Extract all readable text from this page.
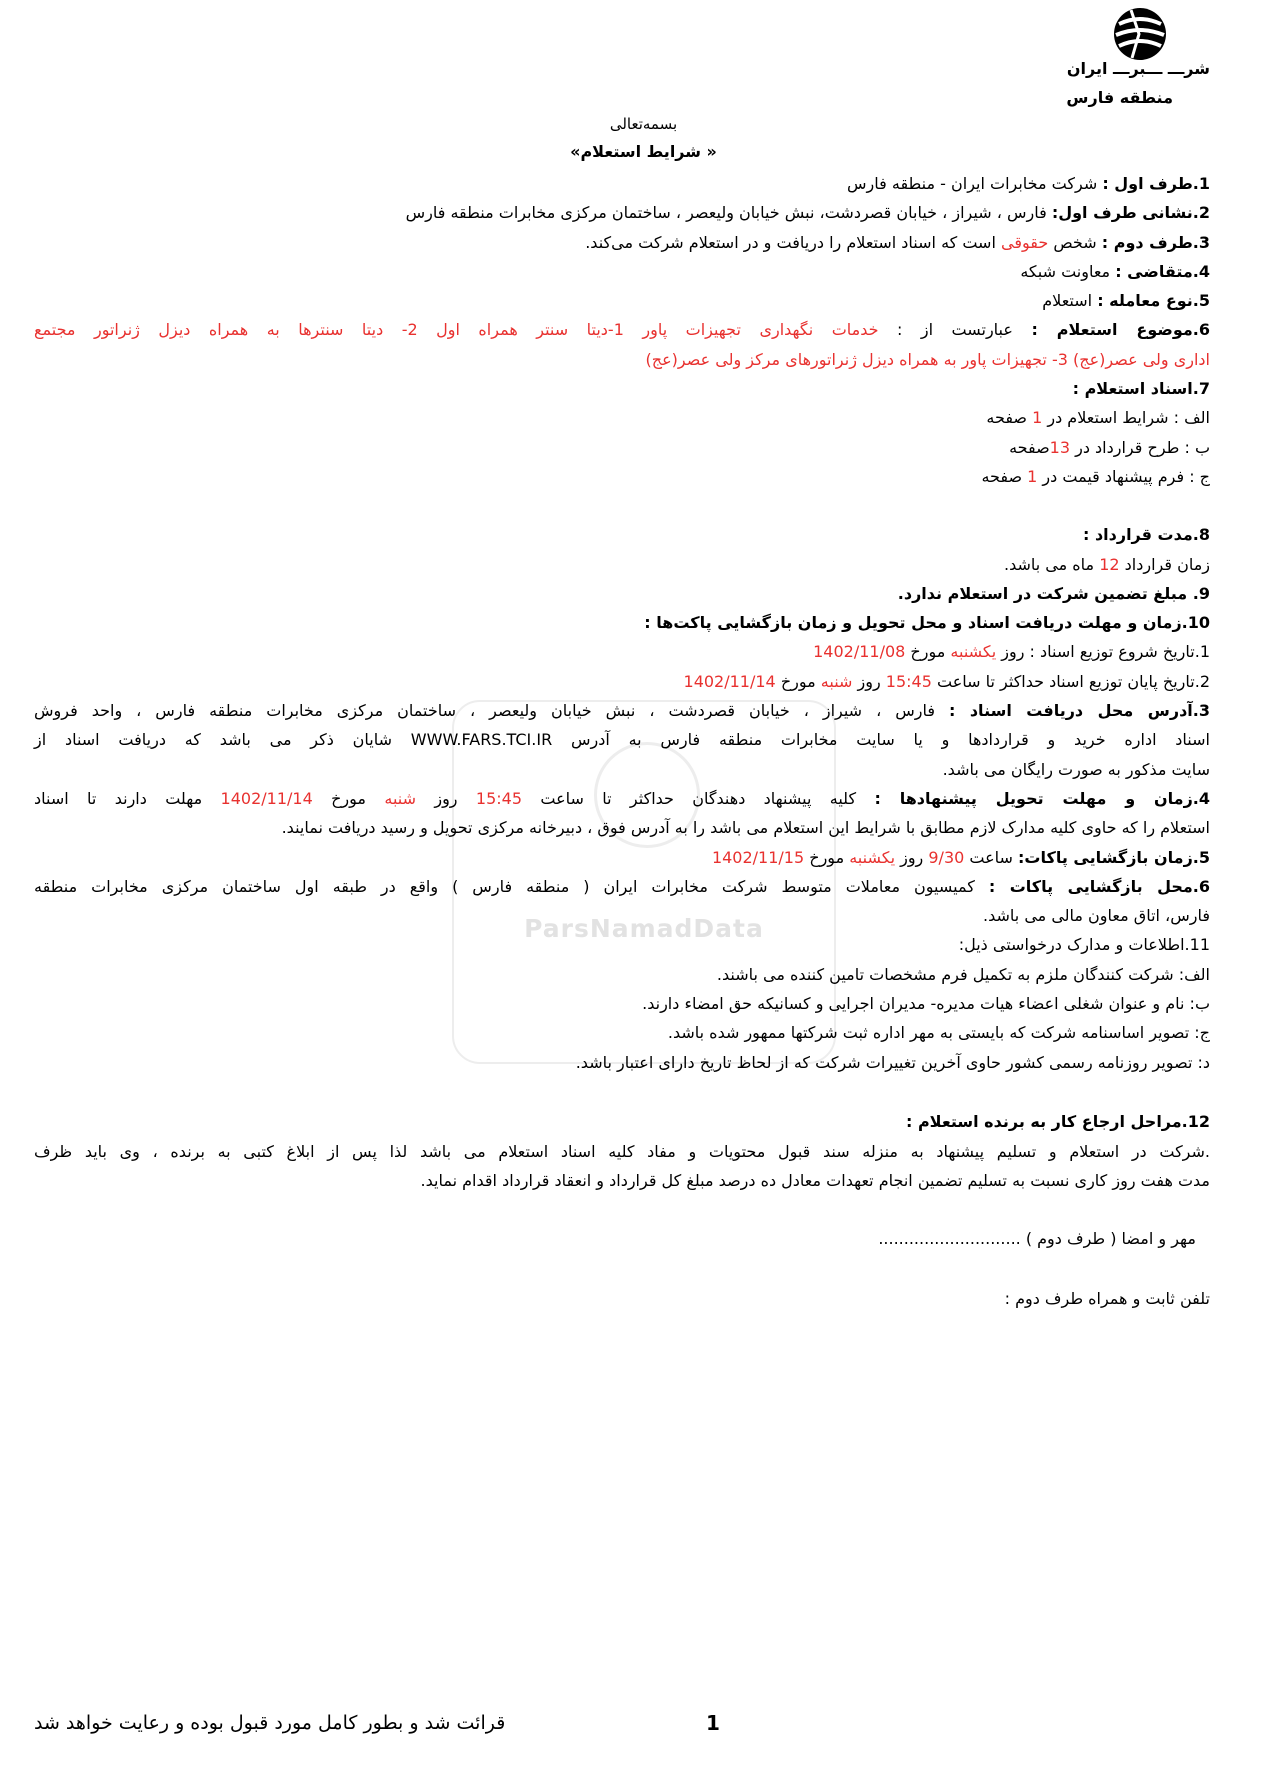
شرـــ ـــبرـــ ایران
منطقه فارس
بسمه‌تعالی
« شرایط استعلام»
ParsNamadData
1.طرف اول : شرکت مخابرات ایران - منطقه فارس
2.نشانی طرف اول: فارس ، شیراز ، خیابان قصردشت، نبش خیابان ولیعصر ، ساختمان مرکزی مخابرات منطقه فارس
3.طرف دوم : شخص حقوقی است که اسناد استعلام را دریافت و در استعلام شرکت می‌کند.
4.متقاضی : معاونت شبکه
5.نوع معامله : استعلام
6.موضوع استعلام : عبارتست از : خدمات نگهداری تجهیزات پاور 1-دیتا سنتر همراه اول 2- دیتا سنترها به همراه دیزل ژنراتور مجتمع
اداری ولی عصر(عج) 3- تجهیزات پاور به همراه دیزل ژنراتورهای مرکز ولی عصر(عج)
7.اسناد استعلام :
الف : شرایط استعلام در 1 صفحه
ب : طرح قرارداد در 13صفحه
ج : فرم پیشنهاد قیمت در 1 صفحه
8.مدت قرارداد :
زمان قرارداد 12 ماه می باشد.
9. مبلغ تضمین شرکت در استعلام ندارد.
10.زمان و مهلت دریافت اسناد و محل تحویل و زمان بازگشایی پاکت‌ها :
1.تاریخ شروع توزیع اسناد : روز یکشنبه مورخ 1402/11/08
2.تاریخ پایان توزیع اسناد حداکثر تا ساعت 15:45 روز شنبه مورخ 1402/11/14
3.آدرس محل دریافت اسناد : فارس ، شیراز ، خیابان قصردشت ، نبش خیابان ولیعصر ، ساختمان مرکزی مخابرات منطقه فارس ، واحد فروش
اسناد اداره خرید و قراردادها و یا سایت مخابرات منطقه فارس به آدرس WWW.FARS.TCI.IR شایان ذکر می باشد که دریافت اسناد از
سایت مذکور به صورت رایگان می باشد.
4.زمان و مهلت تحویل پیشنهادها : کلیه پیشنهاد دهندگان حداکثر تا ساعت 15:45 روز شنبه مورخ 1402/11/14 مهلت دارند تا اسناد
استعلام را که حاوی کلیه مدارک لازم مطابق با شرایط این استعلام می باشد را به آدرس فوق ، دبیرخانه مرکزی تحویل و رسید دریافت نمایند.
5.زمان بازگشایی پاکات: ساعت 9/30 روز یکشنبه مورخ 1402/11/15
6.محل بازگشایی پاکات : کمیسیون معاملات متوسط شرکت مخابرات ایران ( منطقه فارس ) واقع در طبقه اول ساختمان مرکزی مخابرات منطقه
فارس، اتاق معاون مالی می باشد.
11.اطلاعات و مدارک درخواستی ذیل:
الف: شرکت کنندگان ملزم به تکمیل فرم مشخصات تامین کننده می باشند.
ب: نام و عنوان شغلی اعضاء هیات مدیره- مدیران اجرایی و کسانیکه حق امضاء دارند.
ج: تصویر اساسنامه شرکت که بایستی به مهر اداره ثبت شرکتها ممهور شده باشد.
د: تصویر روزنامه رسمی کشور حاوی آخرین تغییرات شرکت که از لحاظ تاریخ دارای اعتبار باشد.
12.مراحل ارجاع کار به برنده استعلام :
.شرکت در استعلام و تسلیم پیشنهاد به منزله سند قبول محتویات و مفاد کلیه اسناد استعلام می باشد لذا پس از ابلاغ کتبی به برنده ، وی باید ظرف
مدت هفت روز کاری نسبت به تسلیم تضمین انجام تعهدات معادل ده درصد مبلغ کل قرارداد و انعقاد قرارداد اقدام نماید.
مهر و امضا ( طرف دوم ) ............................
تلفن ثابت و همراه طرف دوم :
1
قرائت شد و بطور کامل مورد قبول بوده و رعایت خواهد شد
